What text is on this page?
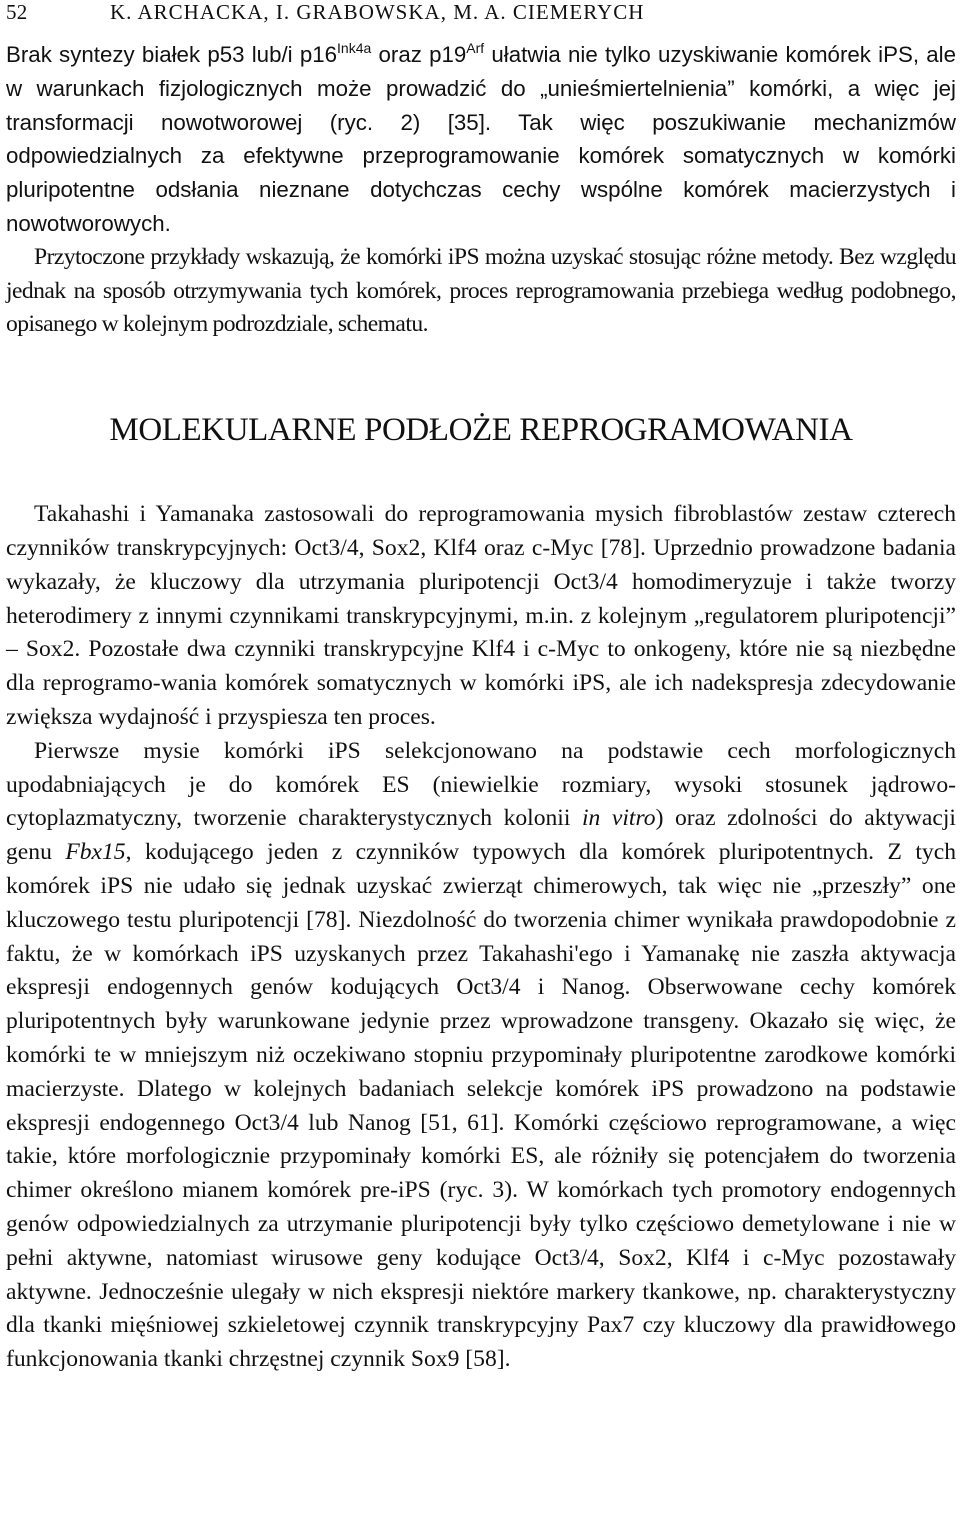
52	K. ARCHACKA, I. GRABOWSKA, M. A. CIEMERYCH

Brak syntezy białek p53 lub/i $p16^{Ink4a}$ oraz $p19^{Arf}$ ułatwia nie tylko uzyskiwanie komórek iPS, ale w warunkach fizjologicznych może prowadzić do „unieśmiertelnienia” komórki, a więc jej transformacji nowotworowej (ryc. 2) [35]. Tak więc poszukiwanie mechanizmów odpowiedzialnych za efektywne przeprogramowanie komórek somatycznych w komórki pluripotentne odsłania nieznane dotychczas cechy wspólne komórek macierzystych i nowotworowych.

Przytoczone przykłady wskazują, że komórki iPS można uzyskać stosując różne metody. Bez względu jednak na sposób otrzymywania tych komórek, proces reprogramowania przebiega według podobnego, opisanego w kolejnym podrozdziale, schematu.

MOLEKULARNE PODŁOŻE REPROGRAMOWANIA

Takahashi i Yamanaka zastosowali do reprogramowania mysich fibroblastów zestaw czterech czynników transkrypcyjnych: Oct3/4, Sox2, Klf4 oraz c-Myc [78]. Uprzednio prowadzone badania wykazały, że kluczowy dla utrzymania pluripotencji Oct3/4 homodimeryzuje i także tworzy heterodimery z innymi czynnikami transkrypcyjnymi, m.in. z kolejnym „regulatorem pluripotencji” – Sox2. Pozostałe dwa czynniki transkrypcyjne Klf4 i c-Myc to onkogeny, które nie są niezbędne dla reprogramo-wania komórek somatycznych w komórki iPS, ale ich nadekspresja zdecydowanie zwiększa wydajność i przyspiesza ten proces.

Pierwsze mysie komórki iPS selekcjonowano na podstawie cech morfologicznych upodabniających je do komórek ES (niewielkie rozmiary, wysoki stosunek jądrowo-cytoplazmatyczny, tworzenie charakterystycznych kolonii in vitro) oraz zdolności do aktywacji genu Fbx15, kodującego jeden z czynników typowych dla komórek pluripotentnych. Z tych komórek iPS nie udało się jednak uzyskać zwierząt chimerowych, tak więc nie „przeszły” one kluczowego testu pluripotencji [78]. Niezdolność do tworzenia chimer wynikała prawdopodobnie z faktu, że w komórkach iPS uzyskanych przez Takahashi'ego i Yamanakę nie zaszła aktywacja ekspresji endogennych genów kodujących Oct3/4 i Nanog. Obserwowane cechy komórek pluripotentnych były warunkowane jedynie przez wprowadzone transgeny. Okazało się więc, że komórki te w mniejszym niż oczekiwano stopniu przypominały pluripotentne zarodkowe komórki macierzyste. Dlatego w kolejnych badaniach selekcje komórek iPS prowadzono na podstawie ekspresji endogennego Oct3/4 lub Nanog [51, 61]. Komórki częściowo reprogramowane, a więc takie, które morfologicznie przypominały komórki ES, ale różniły się potencjałem do tworzenia chimer określono mianem komórek pre-iPS (ryc. 3). W komórkach tych promotory endogennych genów odpowiedzialnych za utrzymanie pluripotencji były tylko częściowo demetylowane i nie w pełni aktywne, natomiast wirusowe geny kodujące Oct3/4, Sox2, Klf4 i c-Myc pozostawały aktywne. Jednocześnie ulegały w nich ekspresji niektóre markery tkankowe, np. charakterystyczny dla tkanki mięśniowej szkieletowej czynnik transkrypcyjny Pax7 czy kluczowy dla prawidłowego funkcjonowania tkanki chrzęstnej czynnik Sox9 [58].
